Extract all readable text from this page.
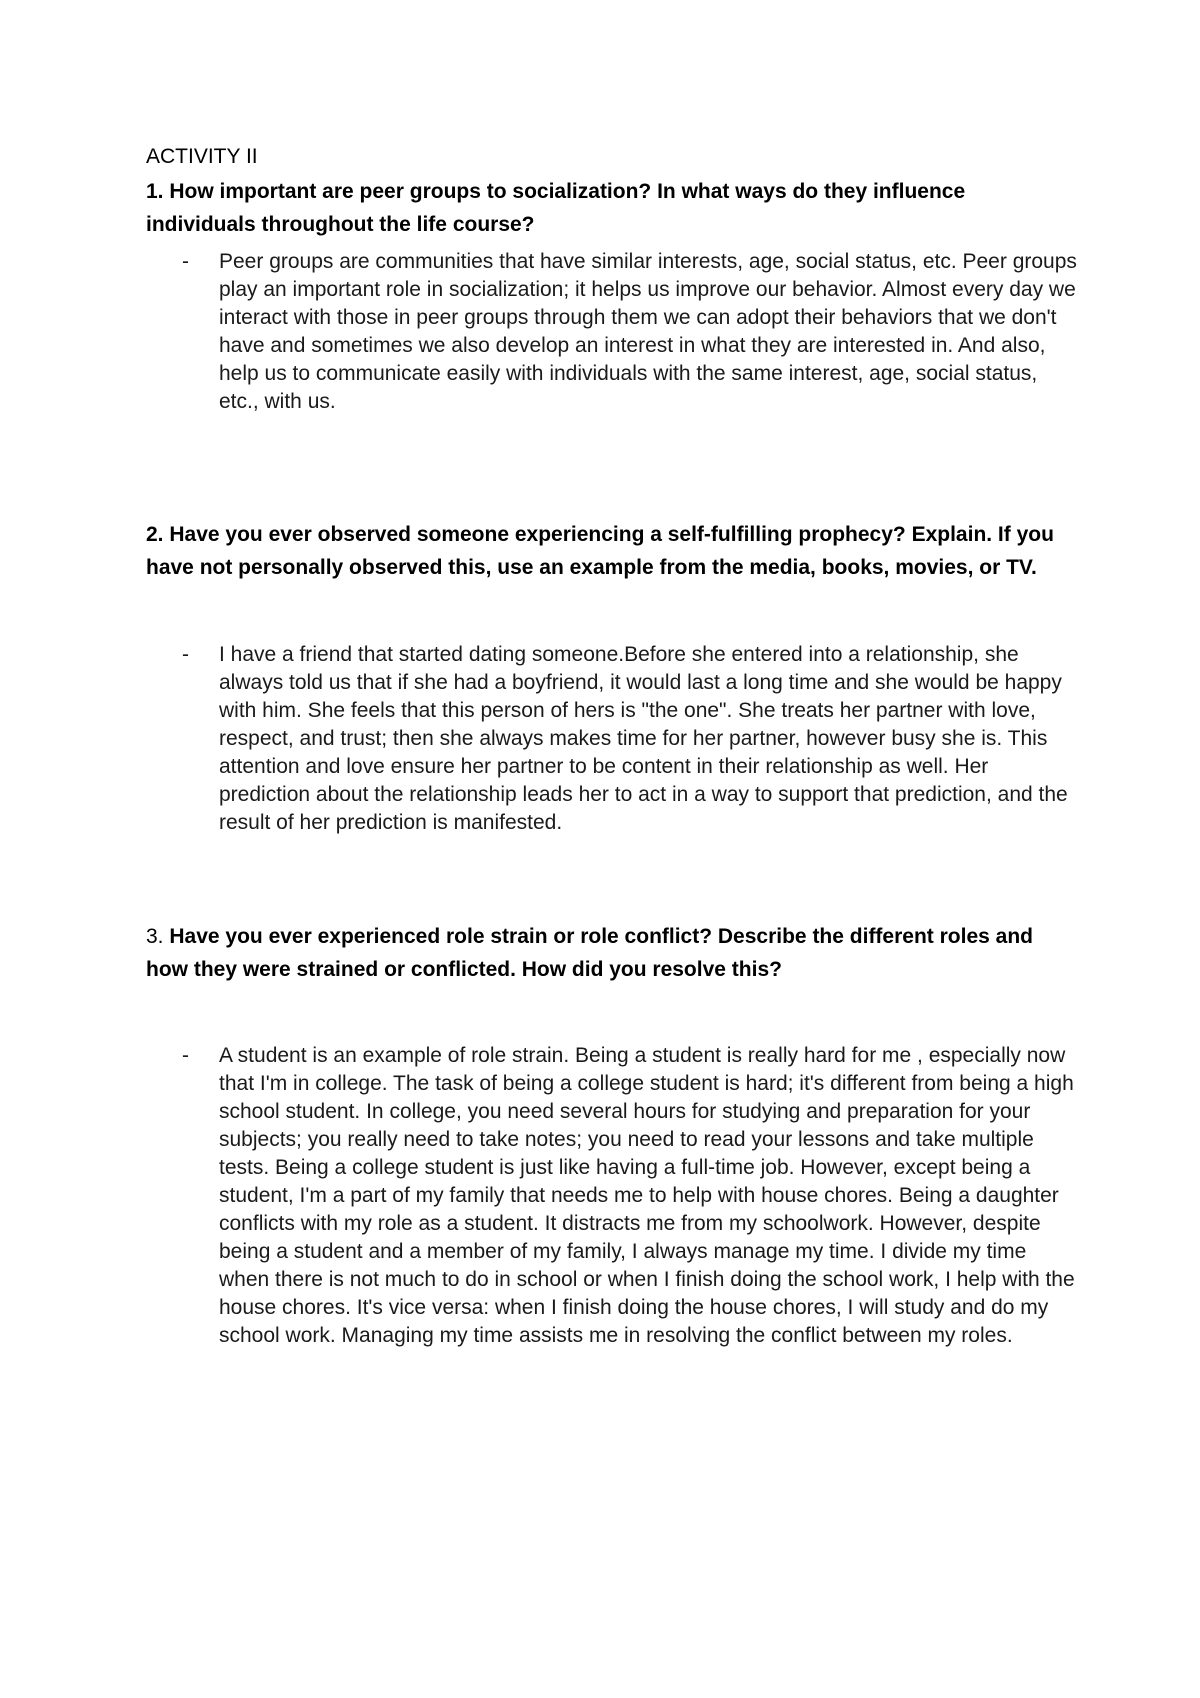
ACTIVITY II

1. How important are peer groups to socialization? In what ways do they influence individuals throughout the life course?

-	Peer groups are communities that have similar interests, age, social status, etc. Peer groups play an important role in socialization; it helps us improve our behavior. Almost every day we interact with those in peer groups through them we can adopt their behaviors that we don't have and sometimes we also develop an interest in what they are interested in. And also, help us to communicate easily with individuals with the same interest, age, social status, etc., with us.

2. Have you ever observed someone experiencing a self-fulfilling prophecy? Explain. If you have not personally observed this, use an example from the media, books, movies, or TV.

-	I have a friend that started dating someone.Before she entered into a relationship, she always told us that if she had a boyfriend, it would last a long time and she would be happy with him. She feels that this person of hers is "the one". She treats her partner with love, respect, and trust; then she always makes time for her partner, however busy she is. This attention and love ensure her partner to be content in their relationship as well. Her prediction about the relationship leads her to act in a way to support that prediction, and the result of her prediction is manifested.

3. Have you ever experienced role strain or role conflict? Describe the different roles and how they were strained or conflicted. How did you resolve this?

-	A student is an example of role strain. Being a student is really hard for me , especially now that I'm in college. The task of being a college student is hard; it's different from being a high school student. In college, you need several hours for studying and preparation for your subjects; you really need to take notes; you need to read your lessons and take multiple tests. Being a college student is just like having a full-time job. However, except being a student, I'm a part of my family that needs me to help with house chores. Being a daughter conflicts with my role as a student. It distracts me from my schoolwork. However, despite being a student and a member of my family, I always manage my time. I divide my time when there is not much to do in school or when I finish doing the school work, I help with the house chores. It's vice versa: when I finish doing the house chores, I will study and do my school work. Managing my time assists me in resolving the conflict between my roles.
